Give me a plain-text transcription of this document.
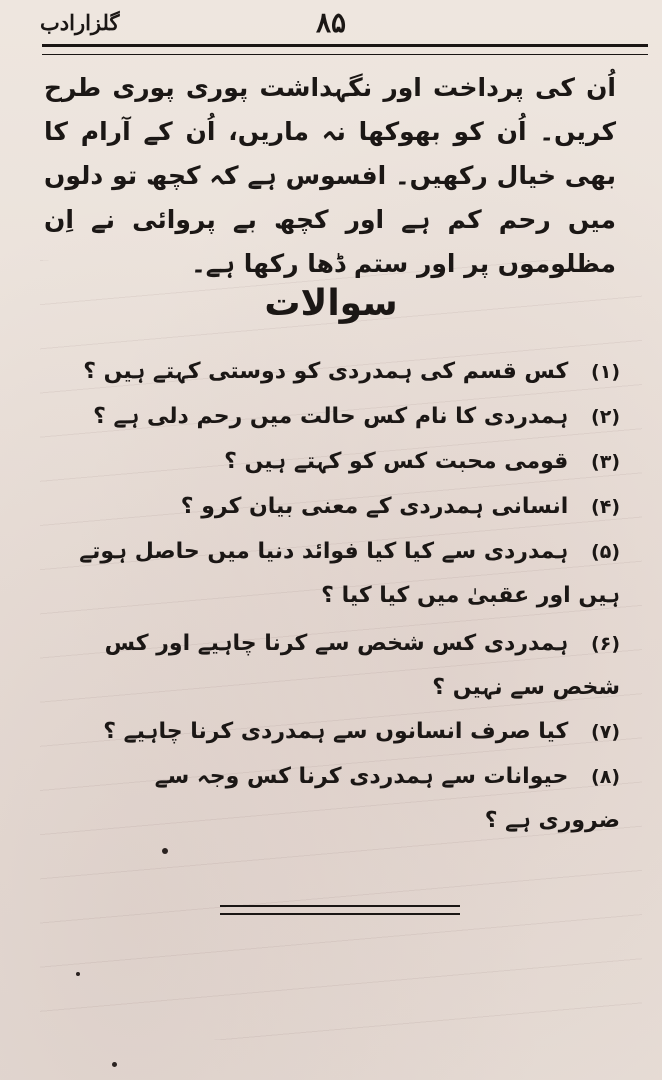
گلزارادب	۸۵

اُن کی پرداخت اور نگہداشت پوری پوری طرح کریں۔ اُن کو بھوکھا نہ ماریں، اُن کے آرام کا بھی خیال رکھیں۔ افسوس ہے کہ کچھ تو دلوں میں رحم کم ہے اور کچھ بے پروائی نے اِن مظلوموں پر اور ستم ڈھا رکھا ہے۔

سوالات
(۱) کس قسم کی ہمدردی کو دوستی کہتے ہیں ؟
(۲) ہمدردی کا نام کس حالت میں رحم دلی ہے ؟
(۳) قومی محبت کس کو کہتے ہیں ؟
(۴) انسانی ہمدردی کے معنی بیان کرو ؟
(۵) ہمدردی سے کیا کیا فوائد دنیا میں حاصل ہوتے ہیں اور عقبیٰ میں کیا کیا ؟
(۶) ہمدردی کس شخص سے کرنا چاہیے اور کس شخص سے نہیں ؟
(۷) کیا صرف انسانوں سے ہمدردی کرنا چاہیے ؟
(۸) حیوانات سے ہمدردی کرنا کس وجہ سے ضروری ہے ؟
